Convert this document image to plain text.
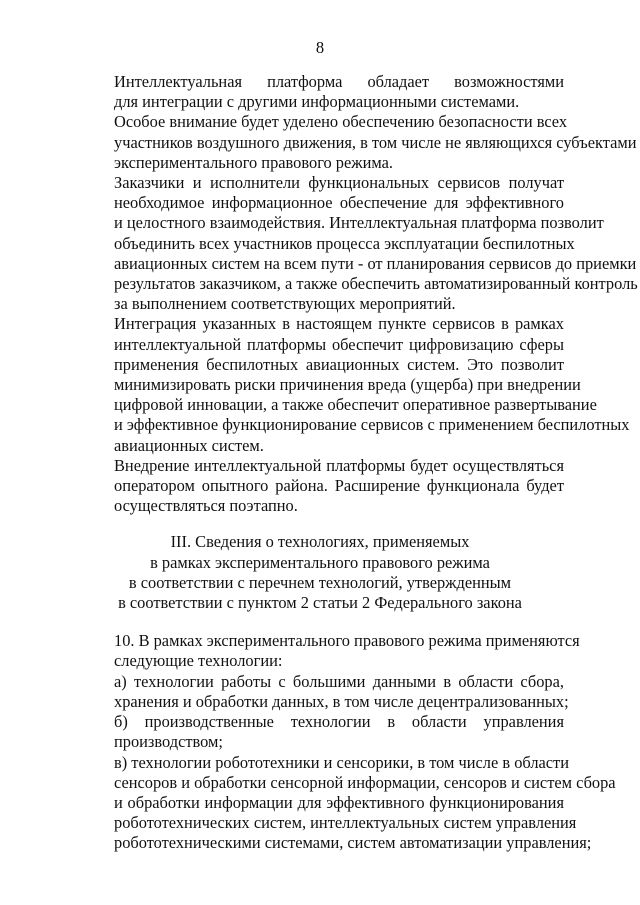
8
Интеллектуальная платформа обладает возможностями
для интеграции с другими информационными системами.
Особое внимание будет уделено обеспечению безопасности всех
участников воздушного движения, в том числе не являющихся субъектами
экспериментального правового режима.
Заказчики и исполнители функциональных сервисов получат
необходимое информационное обеспечение для эффективного
и целостного взаимодействия. Интеллектуальная платформа позволит
объединить всех участников процесса эксплуатации беспилотных
авиационных систем на всем пути - от планирования сервисов до приемки
результатов заказчиком, а также обеспечить автоматизированный контроль
за выполнением соответствующих мероприятий.
Интеграция указанных в настоящем пункте сервисов в рамках
интеллектуальной платформы обеспечит цифровизацию сферы
применения беспилотных авиационных систем. Это позволит
минимизировать риски причинения вреда (ущерба) при внедрении
цифровой инновации, а также обеспечит оперативное развертывание
и эффективное функционирование сервисов с применением беспилотных
авиационных систем.
Внедрение интеллектуальной платформы будет осуществляться
оператором опытного района. Расширение функционала будет
осуществляться поэтапно.
III. Сведения о технологиях, применяемых
в рамках экспериментального правового режима
в соответствии с перечнем технологий, утвержденным
в соответствии с пунктом 2 статьи 2 Федерального закона
10. В рамках экспериментального правового режима применяются
следующие технологии:
а) технологии работы с большими данными в области сбора,
хранения и обработки данных, в том числе децентрализованных;
б) производственные технологии в области управления
производством;
в) технологии робототехники и сенсорики, в том числе в области
сенсоров и обработки сенсорной информации, сенсоров и систем сбора
и обработки информации для эффективного функционирования
робототехнических систем, интеллектуальных систем управления
робототехническими системами, систем автоматизации управления;
